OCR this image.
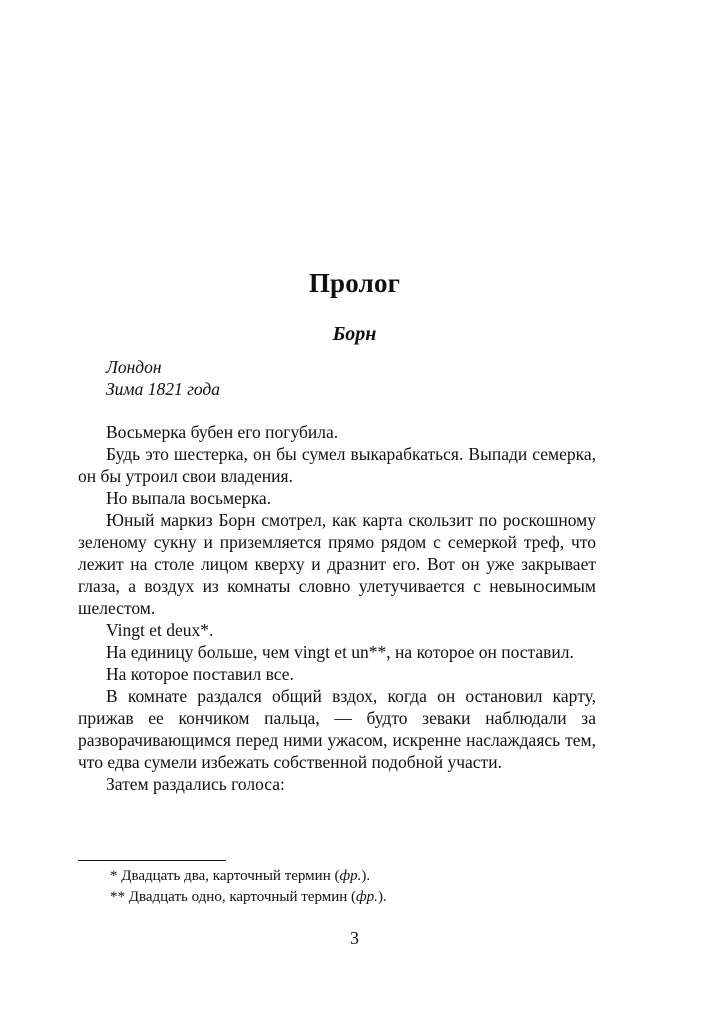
Пролог
Борн
Лондон
Зима 1821 года

Восьмерка бубен его погубила.

Будь это шестерка, он бы сумел выкарабкаться. Выпади семерка, он бы утроил свои владения.

Но выпала восьмерка.

Юный маркиз Борн смотрел, как карта скользит по роскошному зеленому сукну и приземляется прямо рядом с семеркой треф, что лежит на столе лицом кверху и дразнит его. Вот он уже закрывает глаза, а воздух из комнаты словно улетучивается с невыносимым шелестом.

Vingt et deux*.

На единицу больше, чем vingt et un**, на которое он поставил.

На которое поставил все.

В комнате раздался общий вздох, когда он остановил карту, прижав ее кончиком пальца, — будто зеваки наблюдали за разворачивающимся перед ними ужасом, искренне наслаждаясь тем, что едва сумели избежать собственной подобной участи.

Затем раздались голоса:

* Двадцать два, карточный термин (фр.).

** Двадцать одно, карточный термин (фр.).

3
